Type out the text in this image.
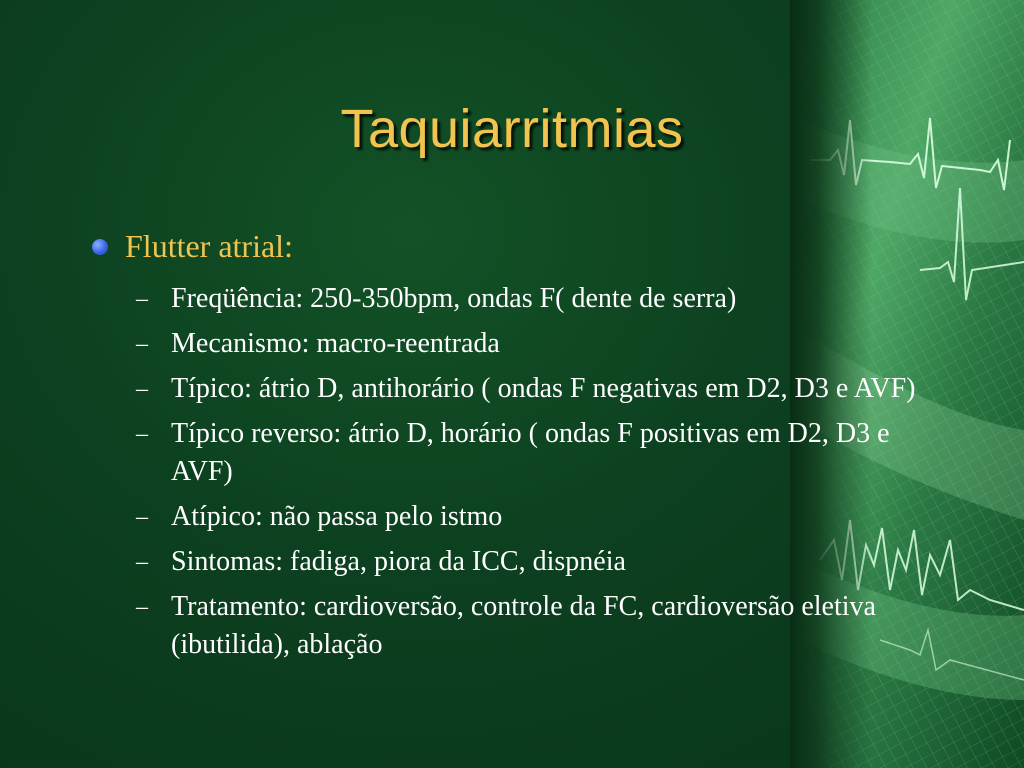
Taquiarritmias
Flutter atrial:
– Freqüência: 250-350bpm, ondas F( dente de serra)
– Mecanismo: macro-reentrada
– Típico: átrio D, antihorário ( ondas F negativas em D2, D3 e AVF)
– Típico reverso: átrio D, horário ( ondas F positivas em D2, D3 e AVF)
– Atípico: não passa pelo istmo
– Sintomas: fadiga, piora da ICC, dispnéia
– Tratamento: cardioversão, controle da FC, cardioversão eletiva (ibutilida), ablação
